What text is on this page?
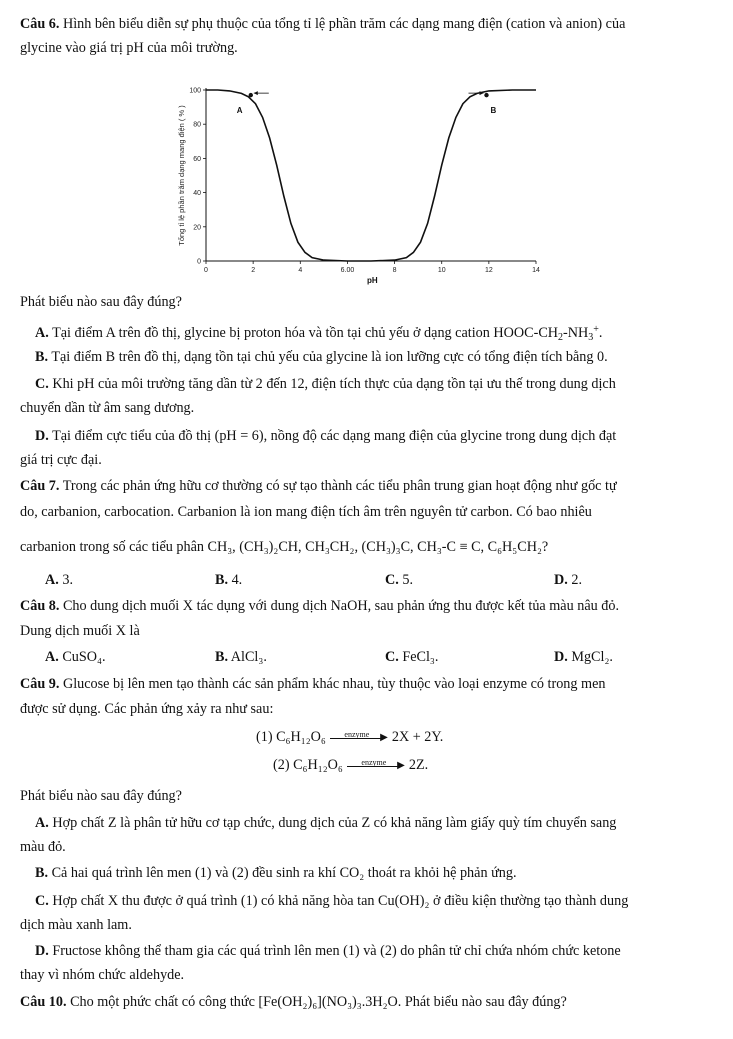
Câu 6. Hình bên biểu diễn sự phụ thuộc của tổng tỉ lệ phần trăm các dạng mang điện (cation và anion) của
glycine vào giá trị pH của môi trường.
0	2	4	6.00	8	10	12	14
0
20
40
60
80
100
A	B
pH
Tổng tỉ lệ phần trăm dạng mang điện ( % )
Phát biểu nào sau đây đúng?
A. Tại điểm A trên đồ thị, glycine bị proton hóa và tồn tại chủ yếu ở dạng cation HOOC-$CH_2-NH_3^+$.
B. Tại điểm B trên đồ thị, dạng tồn tại chủ yếu của glycine là ion lưỡng cực có tổng điện tích bằng 0.
C. Khi pH của môi trường tăng dần từ 2 đến 12, điện tích thực của dạng tồn tại ưu thế trong dung dịch
chuyển dần từ âm sang dương.
D. Tại điểm cực tiểu của đồ thị (pH = 6), nồng độ các dạng mang điện của glycine trong dung dịch đạt
giá trị cực đại.
Câu 7. Trong các phản ứng hữu cơ thường có sự tạo thành các tiểu phân trung gian hoạt động như gốc tự
do, carbanion, carbocation. Carbanion là ion mang điện tích âm trên nguyên tử carbon. Có bao nhiêu
carbanion trong số các tiểu phân CH₃, (CH₃)₂CH, CH₃CH₂, (CH₃)₃C, CH₃-C ≡ C, C₆H₅CH₂?
A. 3.	B. 4.	C. 5.	D. 2.
Câu 8. Cho dung dịch muối X tác dụng với dung dịch NaOH, sau phản ứng thu được kết tủa màu nâu đỏ.
Dung dịch muối X là
A. CuSO₄.	B. AlCl₃.	C. FeCl₃.	D. MgCl₂.
Câu 9. Glucose bị lên men tạo thành các sản phẩm khác nhau, tùy thuộc vào loại enzyme có trong men
được sử dụng. Các phản ứng xảy ra như sau:
(1) C₆H₁₂O₆	enzyme	▶ 2X + 2Y.
(2) C₆H₁₂O₆	enzyme	▶ 2Z.
Phát biểu nào sau đây đúng?
A. Hợp chất Z là phân tử hữu cơ tạp chức, dung dịch của Z có khả năng làm giấy quỳ tím chuyển sang
màu đỏ.
B. Cả hai quá trình lên men (1) và (2) đều sinh ra khí CO₂ thoát ra khỏi hệ phản ứng.
C. Hợp chất X thu được ở quá trình (1) có khả năng hòa tan Cu(OH)₂ ở điều kiện thường tạo thành dung
dịch màu xanh lam.
D. Fructose không thể tham gia các quá trình lên men (1) và (2) do phân tử chỉ chứa nhóm chức ketone
thay vì nhóm chức aldehyde.
Câu 10. Cho một phức chất có công thức [Fe(OH₂)₆](NO₃)₃.3H₂O. Phát biểu nào sau đây đúng?
